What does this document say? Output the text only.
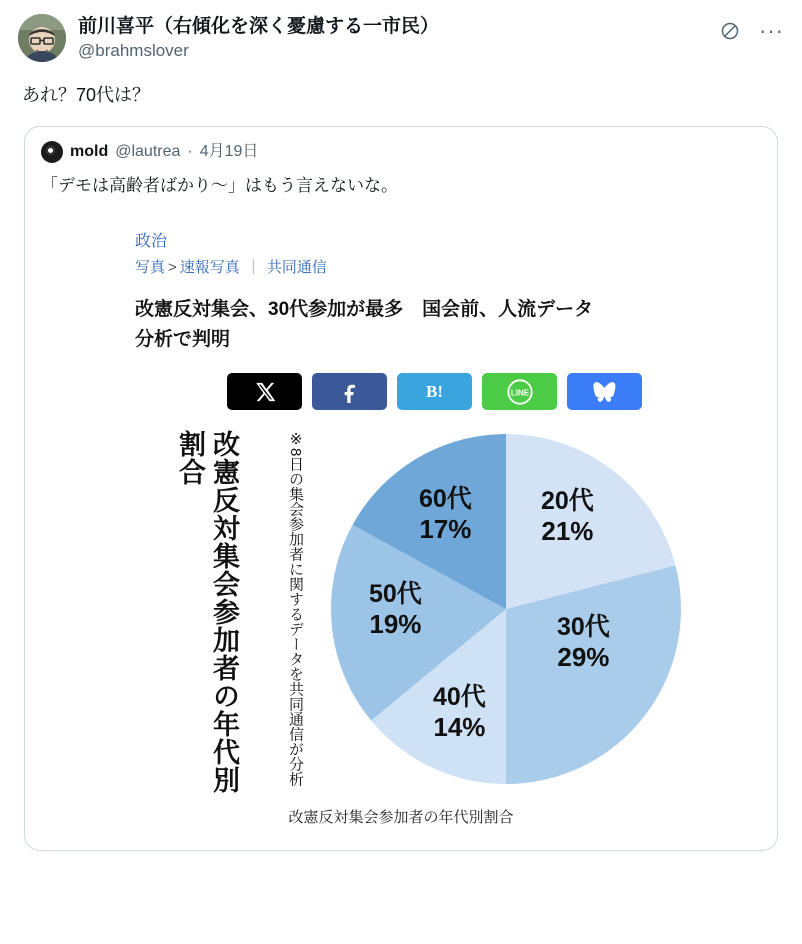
前川喜平（右傾化を深く憂慮する一市民）
@brahmslover
···
あれ？70代は？
mold @lautrea · 4月19日
「デモは高齢者ばかり〜」はもう言えないな。
政治
写真 > 速報写真 ｜ 共同通信
改憲反対集会、30代参加が最多　国会前、人流データ分析で判明
B!	LINE
改憲反対集会参加者の年代別割合	※8日の集会参加者に関するデータを共同通信が分析	20代
21%
30代
29%
40代
14%
50代
19%
60代
17%
改憲反対集会参加者の年代別割合
